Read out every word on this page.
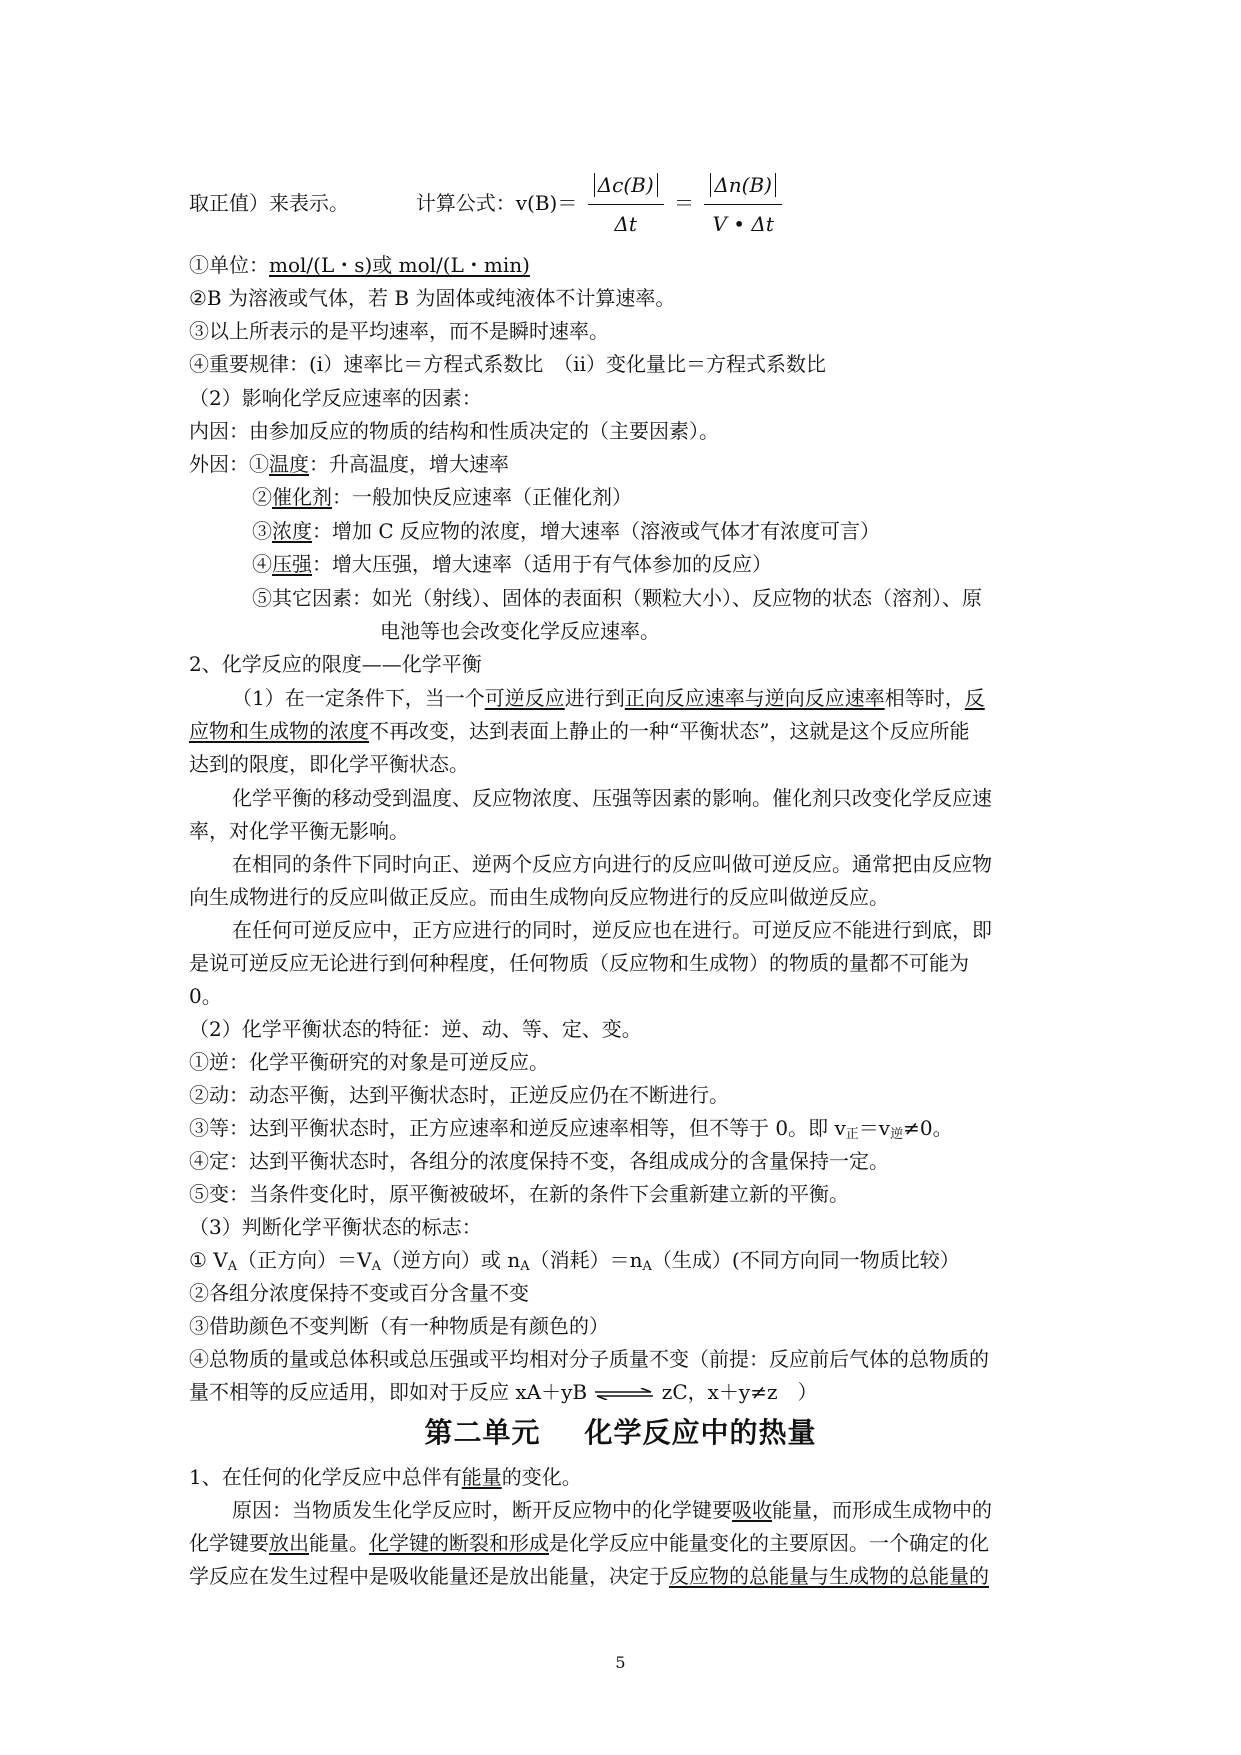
取正值）来表示。	计算公式：$v(B)= \frac{\Delta c(B)}{\Delta t} = \frac{\Delta n(B)}{V • \Delta t}$
①单位：mol/(L・s)或 mol/(L・min)
②B 为溶液或气体，若 B 为固体或纯液体不计算速率。
③以上所表示的是平均速率，而不是瞬时速率。
④重要规律：(i）速率比＝方程式系数比　（ii）变化量比＝方程式系数比
（2）影响化学反应速率的因素：
内因：由参加反应的物质的结构和性质决定的（主要因素）。
外因：①温度：升高温度，增大速率
②催化剂：一般加快反应速率（正催化剂）
③浓度：增加 C 反应物的浓度，增大速率（溶液或气体才有浓度可言）
④压强：增大压强，增大速率（适用于有气体参加的反应）
⑤其它因素：如光（射线）、固体的表面积（颗粒大小）、反应物的状态（溶剂）、原
电池等也会改变化学反应速率。
2、化学反应的限度——化学平衡
（1）在一定条件下，当一个可逆反应进行到正向反应速率与逆向反应速率相等时，反
应物和生成物的浓度不再改变，达到表面上静止的一种“平衡状态”，这就是这个反应所能
达到的限度，即化学平衡状态。
化学平衡的移动受到温度、反应物浓度、压强等因素的影响。催化剂只改变化学反应速
率，对化学平衡无影响。
在相同的条件下同时向正、逆两个反应方向进行的反应叫做可逆反应。通常把由反应物
向生成物进行的反应叫做正反应。而由生成物向反应物进行的反应叫做逆反应。
在任何可逆反应中，正方应进行的同时，逆反应也在进行。可逆反应不能进行到底，即
是说可逆反应无论进行到何种程度，任何物质（反应物和生成物）的物质的量都不可能为
0。
（2）化学平衡状态的特征：逆、动、等、定、变。
①逆：化学平衡研究的对象是可逆反应。
②动：动态平衡，达到平衡状态时，正逆反应仍在不断进行。
③等：达到平衡状态时，正方应速率和逆反应速率相等，但不等于 0。即 $v_正=v_逆\ne 0$。
④定：达到平衡状态时，各组分的浓度保持不变，各组成成分的含量保持一定。
⑤变：当条件变化时，原平衡被破坏，在新的条件下会重新建立新的平衡。
（3）判断化学平衡状态的标志：
① $V_A$（正方向）$=V_A$（逆方向）或 $n_A$（消耗）$=n_A$（生成）(不同方向同一物质比较）
②各组分浓度保持不变或百分含量不变
③借助颜色不变判断（有一种物质是有颜色的）
④总物质的量或总体积或总压强或平均相对分子质量不变（前提：反应前后气体的总物质的
量不相等的反应适用，即如对于反应 xA＋yB ⇌ zC，x＋y≠z　）
第二单元 化学反应中的热量
1、在任何的化学反应中总伴有能量的变化。
原因：当物质发生化学反应时，断开反应物中的化学键要吸收能量，而形成生成物中的
化学键要放出能量。化学键的断裂和形成是化学反应中能量变化的主要原因。一个确定的化
学反应在发生过程中是吸收能量还是放出能量，决定于反应物的总能量与生成物的总能量的
5
